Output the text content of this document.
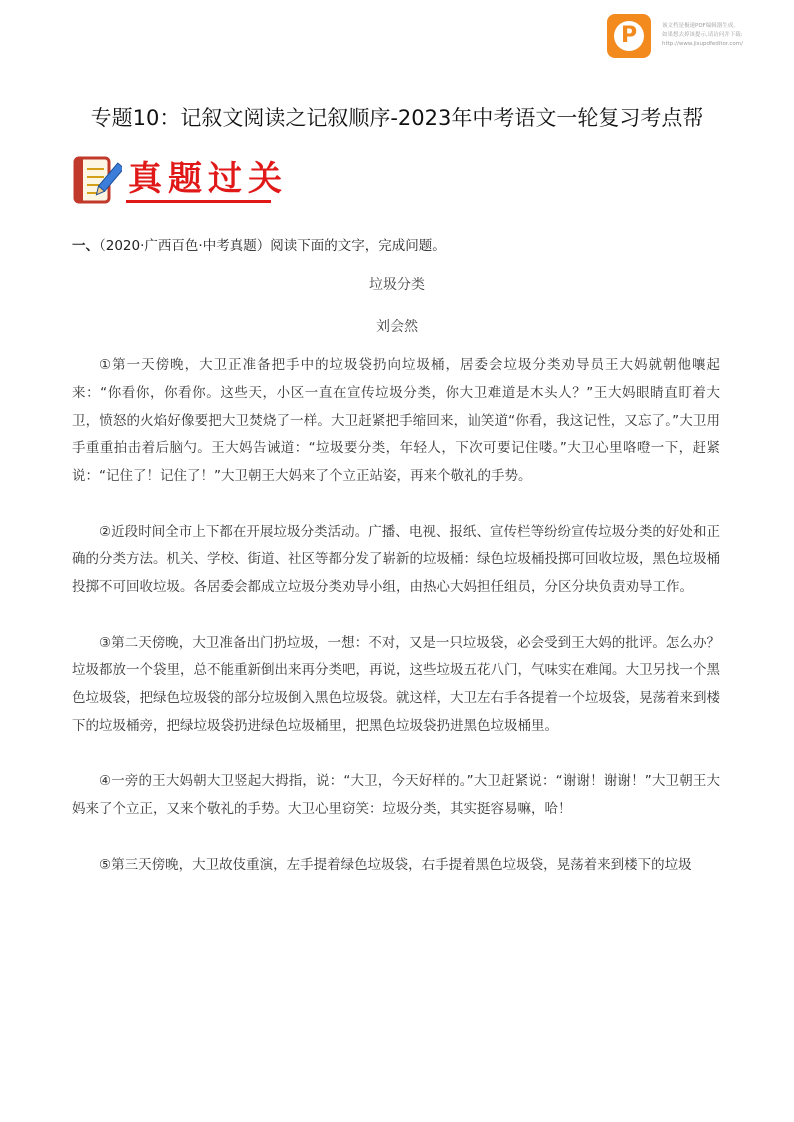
P	该文档是极速PDF编辑器生成,
如果想去掉该提示,请访问并下载:
http://www.jisupdfeditor.com/
专题10：记叙文阅读之记叙顺序-2023年中考语文一轮复习考点帮
真题过关
一、（2020·广西百色·中考真题）阅读下面的文字，完成问题。
垃圾分类
刘会然

①第一天傍晚，大卫正准备把手中的垃圾袋扔向垃圾桶，居委会垃圾分类劝导员王大妈就朝他嚷起来：“你看你，你看你。这些天，小区一直在宣传垃圾分类，你大卫难道是木头人？”王大妈眼睛直盯着大卫，愤怒的火焰好像要把大卫焚烧了一样。大卫赶紧把手缩回来，讪笑道“你看，我这记性，又忘了。”大卫用手重重拍击着后脑勺。王大妈告诫道：“垃圾要分类，年轻人，下次可要记住喽。”大卫心里咯噔一下，赶紧说：“记住了！记住了！”大卫朝王大妈来了个立正站姿，再来个敬礼的手势。

②近段时间全市上下都在开展垃圾分类活动。广播、电视、报纸、宣传栏等纷纷宣传垃圾分类的好处和正确的分类方法。机关、学校、街道、社区等都分发了崭新的垃圾桶：绿色垃圾桶投掷可回收垃圾，黑色垃圾桶投掷不可回收垃圾。各居委会都成立垃圾分类劝导小组，由热心大妈担任组员，分区分块负责劝导工作。

③第二天傍晚，大卫准备出门扔垃圾，一想：不对，又是一只垃圾袋，必会受到王大妈的批评。怎么办？垃圾都放一个袋里，总不能重新倒出来再分类吧，再说，这些垃圾五花八门，气味实在难闻。大卫另找一个黑色垃圾袋，把绿色垃圾袋的部分垃圾倒入黑色垃圾袋。就这样，大卫左右手各提着一个垃圾袋，晃荡着来到楼下的垃圾桶旁，把绿垃圾袋扔进绿色垃圾桶里，把黑色垃圾袋扔进黑色垃圾桶里。

④一旁的王大妈朝大卫竖起大拇指，说：“大卫，今天好样的。”大卫赶紧说：“谢谢！谢谢！”大卫朝王大妈来了个立正，又来个敬礼的手势。大卫心里窃笑：垃圾分类，其实挺容易嘛，哈！

⑤第三天傍晚，大卫故伎重演，左手提着绿色垃圾袋，右手提着黑色垃圾袋，晃荡着来到楼下的垃圾
